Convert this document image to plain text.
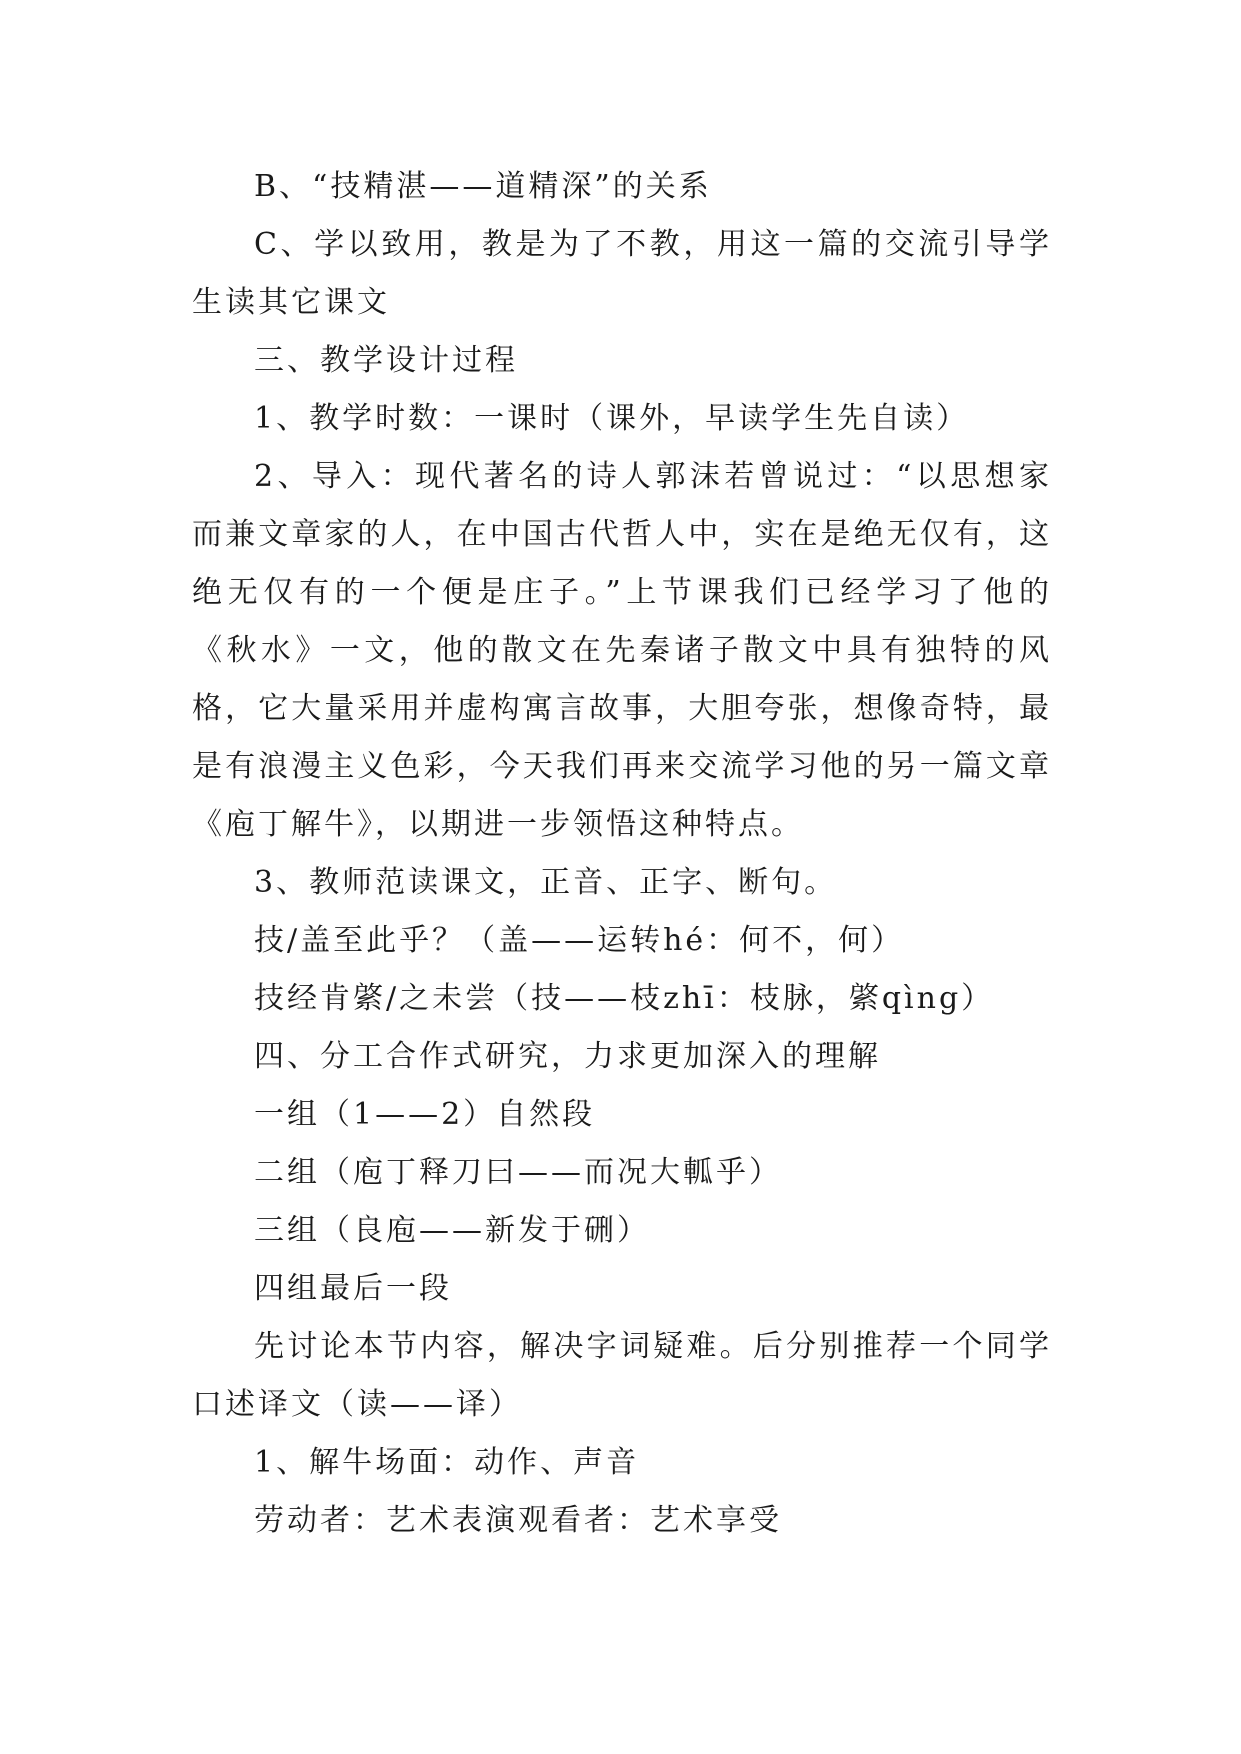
B、“技精湛——道精深”的关系

C、学以致用，教是为了不教，用这一篇的交流引导学生读其它课文

三、教学设计过程

1、教学时数：一课时（课外，早读学生先自读）

2、导入：现代著名的诗人郭沫若曾说过：“以思想家而兼文章家的人，在中国古代哲人中，实在是绝无仅有，这绝无仅有的一个便是庄子。”上节课我们已经学习了他的《秋水》一文，他的散文在先秦诸子散文中具有独特的风格，它大量采用并虚构寓言故事，大胆夸张，想像奇特，最是有浪漫主义色彩，今天我们再来交流学习他的另一篇文章《庖丁解牛》，以期进一步领悟这种特点。

3、教师范读课文，正音、正字、断句。

技/盖至此乎？（盖——运转hé：何不，何）

技经肯綮/之未尝（技——枝zhī：枝脉，綮qìng）

四、分工合作式研究，力求更加深入的理解

一组（1——2）自然段

二组（庖丁释刀曰——而况大軱乎）

三组（良庖——新发于硎）

四组最后一段

先讨论本节内容，解决字词疑难。后分别推荐一个同学口述译文（读——译）

1、解牛场面：动作、声音

劳动者：艺术表演观看者：艺术享受
